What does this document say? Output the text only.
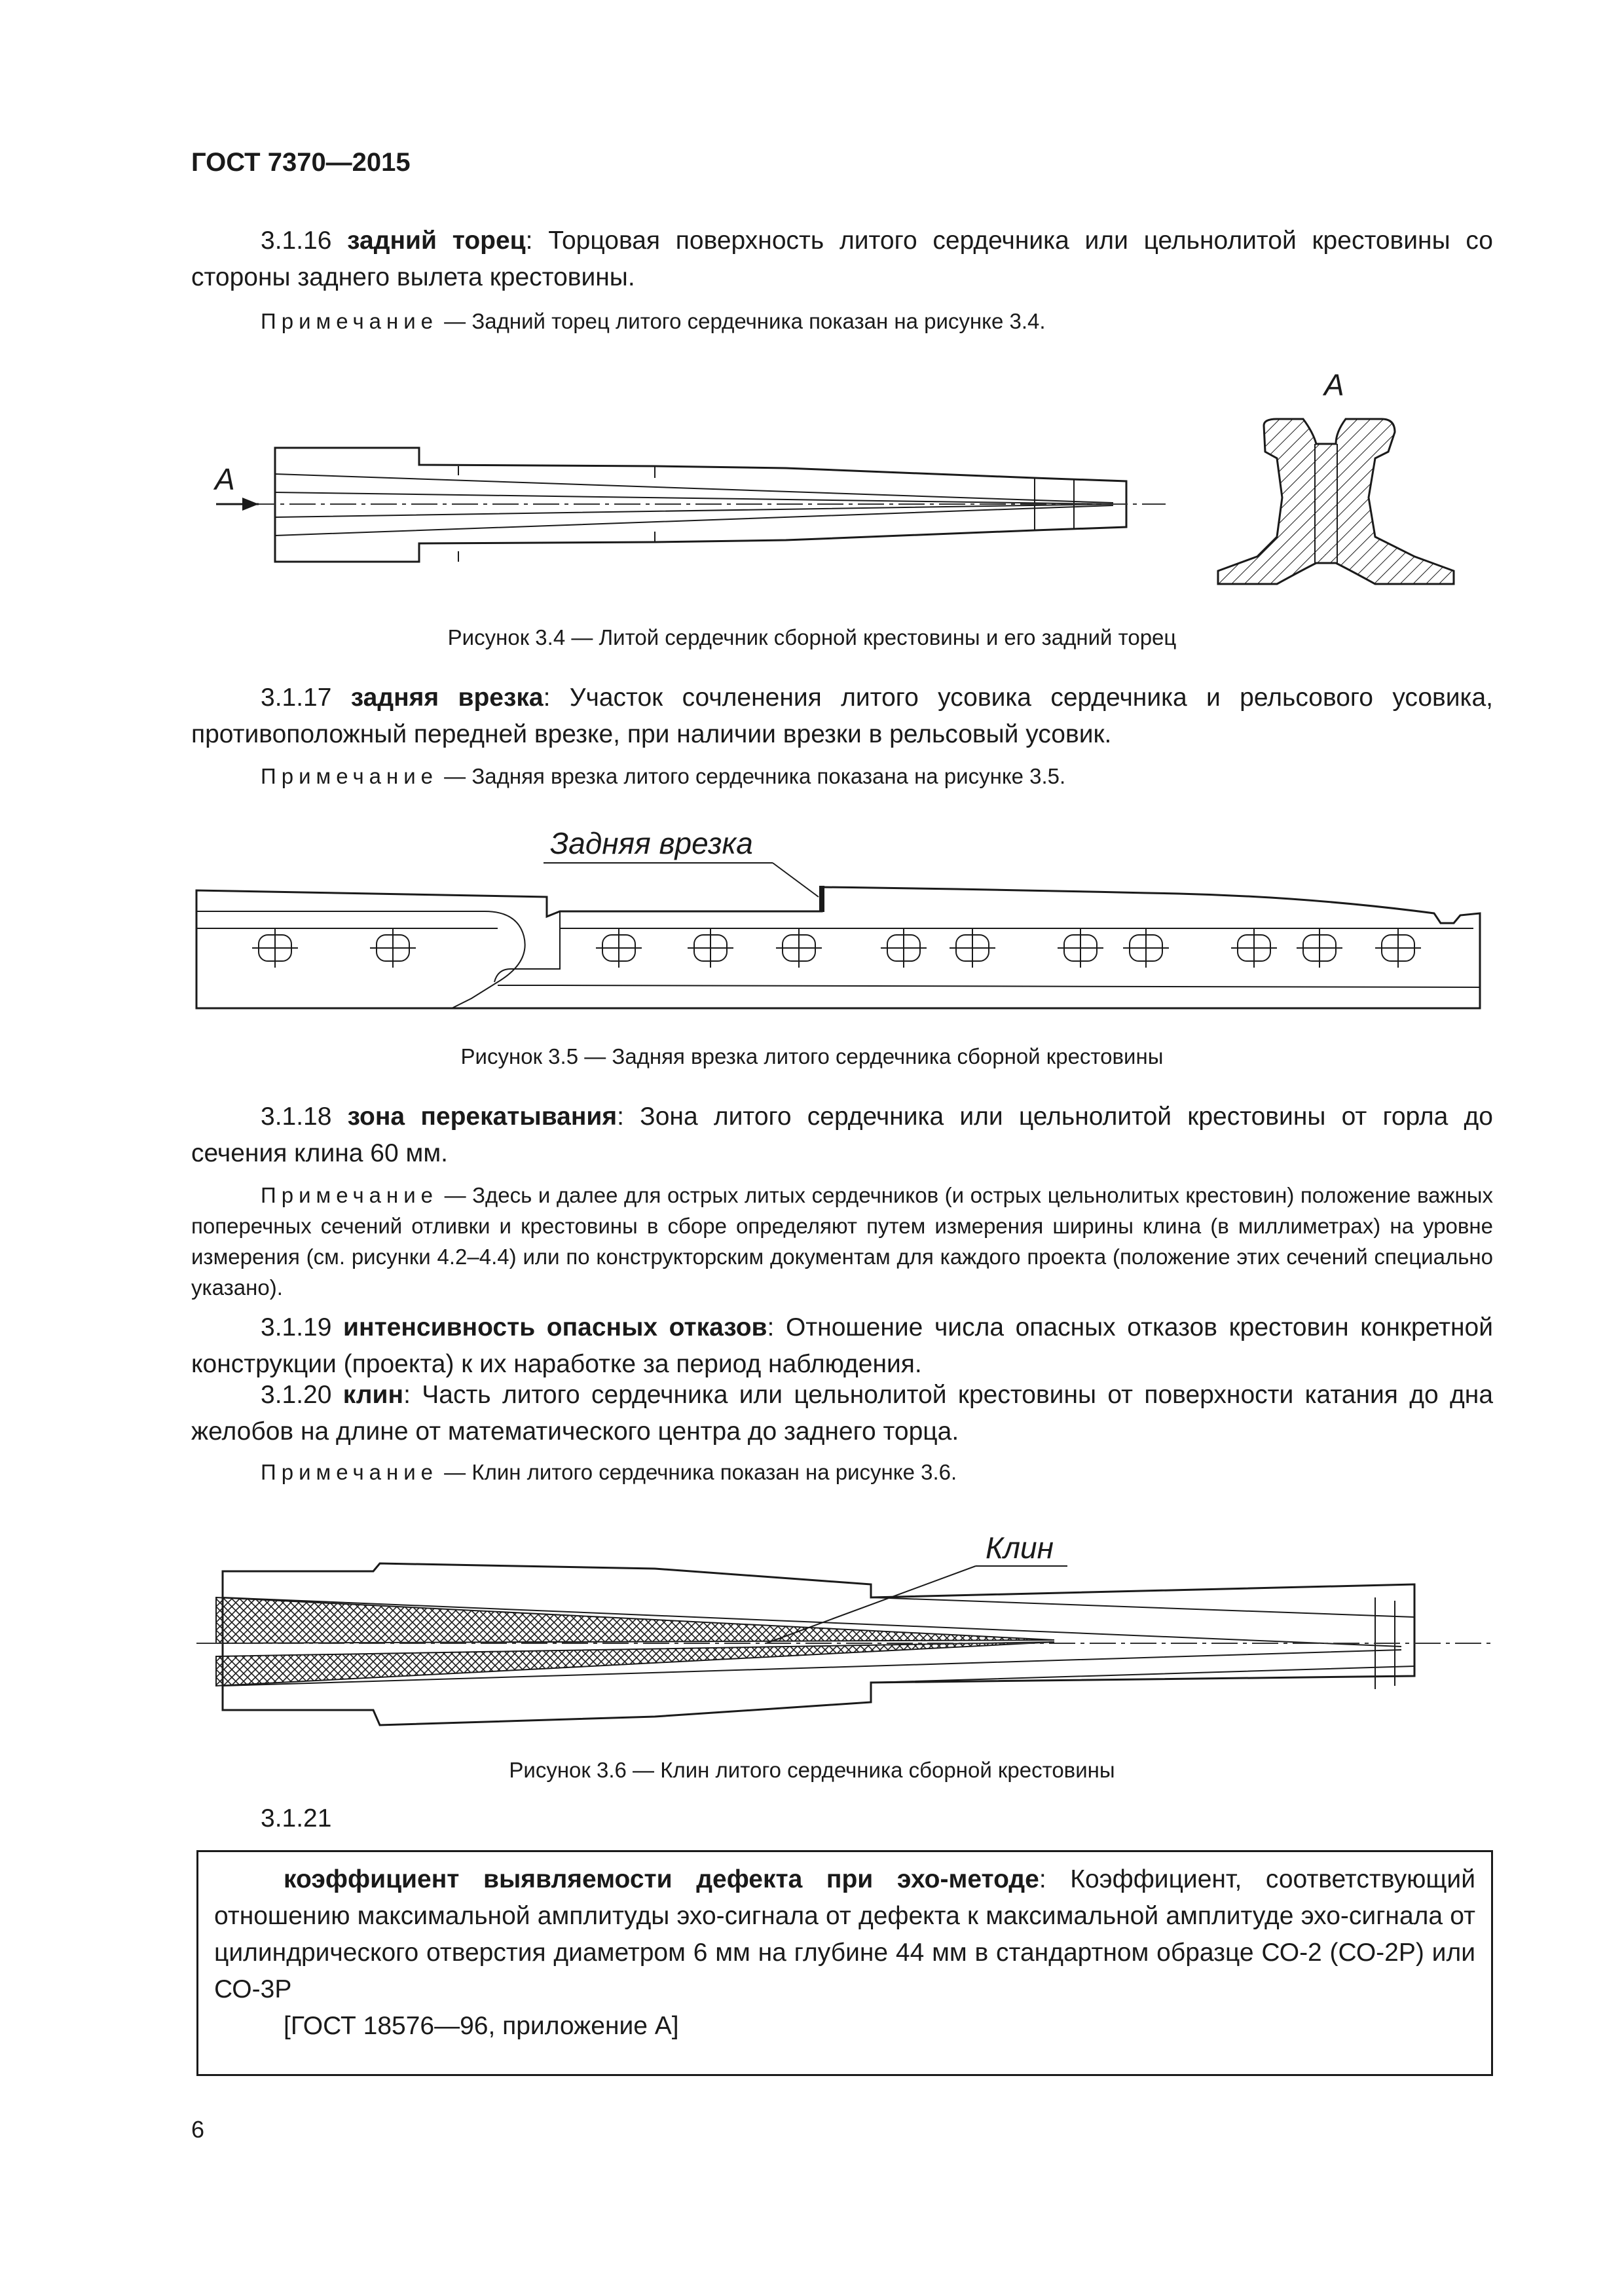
ГОСТ 7370—2015
3.1.16 задний торец: Торцовая поверхность литого сердечника или цельнолитой крестовины со стороны заднего вылета крестовины.
Примечание — Задний торец литого сердечника показан на рисунке 3.4.
А
А
Рисунок 3.4 — Литой сердечник сборной крестовины и его задний торец
3.1.17 задняя врезка: Участок сочленения литого усовика сердечника и рельсового усовика, противоположный передней врезке, при наличии врезки в рельсовый усовик.
Примечание — Задняя врезка литого сердечника показана на рисунке 3.5.
Задняя врезка
Рисунок 3.5 — Задняя врезка литого сердечника сборной крестовины
3.1.18 зона перекатывания: Зона литого сердечника или цельнолитой крестовины от горла до сечения клина 60 мм.
Примечание — Здесь и далее для острых литых сердечников (и острых цельнолитых крестовин) положение важных поперечных сечений отливки и крестовины в сборе определяют путем измерения ширины клина (в миллиметрах) на уровне измерения (см. рисунки 4.2–4.4) или по конструкторским документам для каждого проекта (положение этих сечений специально указано).
3.1.19 интенсивность опасных отказов: Отношение числа опасных отказов крестовин конкретной конструкции (проекта) к их наработке за период наблюдения.
3.1.20 клин: Часть литого сердечника или цельнолитой крестовины от поверхности катания до дна желобов на длине от математического центра до заднего торца.
Примечание — Клин литого сердечника показан на рисунке 3.6.
Клин
Рисунок 3.6 — Клин литого сердечника сборной крестовины
3.1.21
коэффициент выявляемости дефекта при эхо-методе: Коэффициент, соответствующий отношению максимальной амплитуды эхо-сигнала от дефекта к максимальной амплитуде эхо-сигнала от цилиндрического отверстия диаметром 6 мм на глубине 44 мм в стандартном образце СО-2 (СО-2Р) или СО-3Р
[ГОСТ 18576—96, приложение А]
6
